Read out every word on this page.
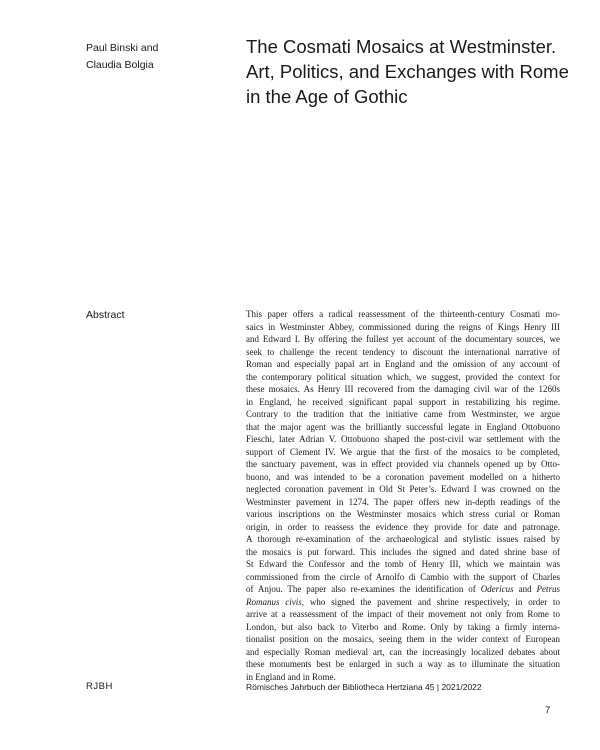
Paul Binski and
Claudia Bolgia
The Cosmati Mosaics at Westminster.
Art, Politics, and Exchanges with Rome
in the Age of Gothic
Abstract	This paper offers a radical reassessment of the thirteenth-century Cosmati mo-
saics in Westminster Abbey, commissioned during the reigns of Kings Henry III
and Edward I. By offering the fullest yet account of the documentary sources, we
seek to challenge the recent tendency to discount the international narrative of
Roman and especially papal art in England and the omission of any account of
the contemporary political situation which, we suggest, provided the context for
these mosaics. As Henry III recovered from the damaging civil war of the 1260s
in England, he received significant papal support in restabilizing his regime.
Contrary to the tradition that the initiative came from Westminster, we argue
that the major agent was the brilliantly successful legate in England Ottobuono
Fieschi, later Adrian V. Ottobuono shaped the post-civil war settlement with the
support of Clement IV. We argue that the first of the mosaics to be completed,
the sanctuary pavement, was in effect provided via channels opened up by Otto-
buono, and was intended to be a coronation pavement modelled on a hitherto
neglected coronation pavement in Old St Peter’s. Edward I was crowned on the
Westminster pavement in 1274. The paper offers new in-depth readings of the
various inscriptions on the Westminster mosaics which stress curial or Roman
origin, in order to reassess the evidence they provide for date and patronage.
A thorough re-examination of the archaeological and stylistic issues raised by
the mosaics is put forward. This includes the signed and dated shrine base of
St Edward the Confessor and the tomb of Henry III, which we maintain was
commissioned from the circle of Arnolfo di Cambio with the support of Charles
of Anjou. The paper also re-examines the identification of Odericus and Petrus
Romanus civis, who signed the pavement and shrine respectively, in order to
arrive at a reassessment of the impact of their movement not only from Rome to
London, but also back to Viterbo and Rome. Only by taking a firmly interna-
tionalist position on the mosaics, seeing them in the wider context of European
and especially Roman medieval art, can the increasingly localized debates about
these monuments best be enlarged in such a way as to illuminate the situation
in England and in Rome.

RJBH	Römisches Jahrbuch der Bibliotheca Hertziana 45 | 2021/2022
7
